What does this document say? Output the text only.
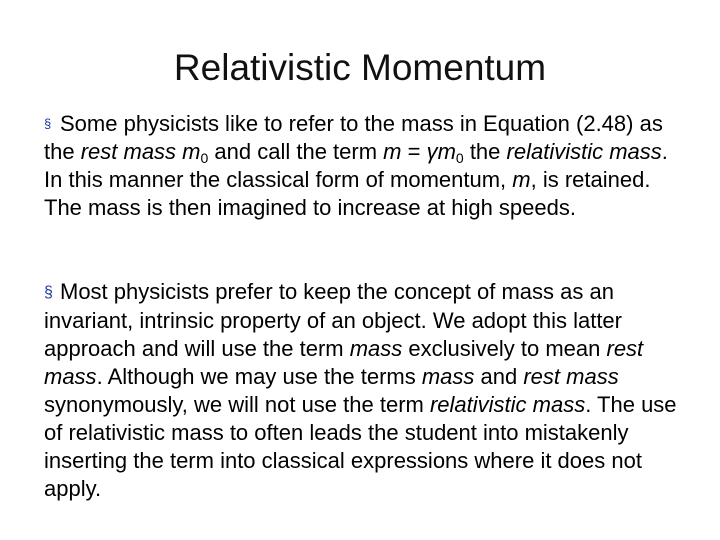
Relativistic Momentum

§ Some physicists like to refer to the mass in Equation (2.48) as the rest mass $m_0$ and call the term $m = \gamma m_0$ the relativistic mass. In this manner the classical form of momentum, m, is retained. The mass is then imagined to increase at high speeds.

§ Most physicists prefer to keep the concept of mass as an invariant, intrinsic property of an object. We adopt this latter approach and will use the term mass exclusively to mean rest mass. Although we may use the terms mass and rest mass synonymously, we will not use the term relativistic mass. The use of relativistic mass to often leads the student into mistakenly inserting the term into classical expressions where it does not apply.
